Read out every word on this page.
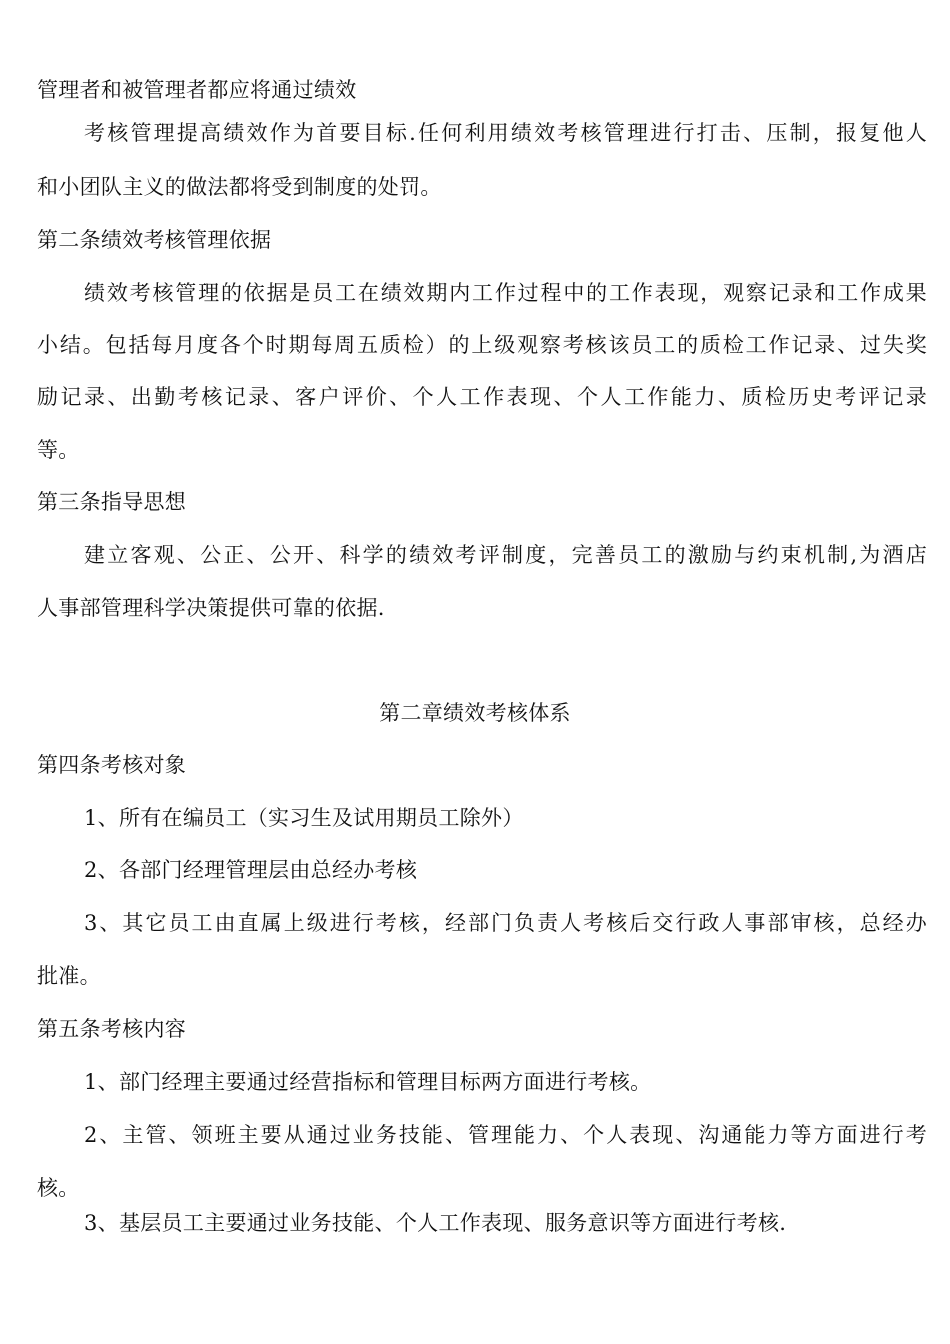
管理者和被管理者都应将通过绩效
考核管理提高绩效作为首要目标.任何利用绩效考核管理进行打击、压制，报复他人
和小团队主义的做法都将受到制度的处罚。
第二条绩效考核管理依据
绩效考核管理的依据是员工在绩效期内工作过程中的工作表现，观察记录和工作成果
小结。包括每月度各个时期每周五质检）的上级观察考核该员工的质检工作记录、过失奖
励记录、出勤考核记录、客户评价、个人工作表现、个人工作能力、质检历史考评记录
等。
第三条指导思想
建立客观、公正、公开、科学的绩效考评制度，完善员工的激励与约束机制,为酒店
人事部管理科学决策提供可靠的依据.
第二章绩效考核体系
第四条考核对象
1、所有在编员工（实习生及试用期员工除外）
2、各部门经理管理层由总经办考核
3、其它员工由直属上级进行考核，经部门负责人考核后交行政人事部审核，总经办
批准。
第五条考核内容
1、部门经理主要通过经营指标和管理目标两方面进行考核。
2、主管、领班主要从通过业务技能、管理能力、个人表现、沟通能力等方面进行考
核。
3、基层员工主要通过业务技能、个人工作表现、服务意识等方面进行考核.
